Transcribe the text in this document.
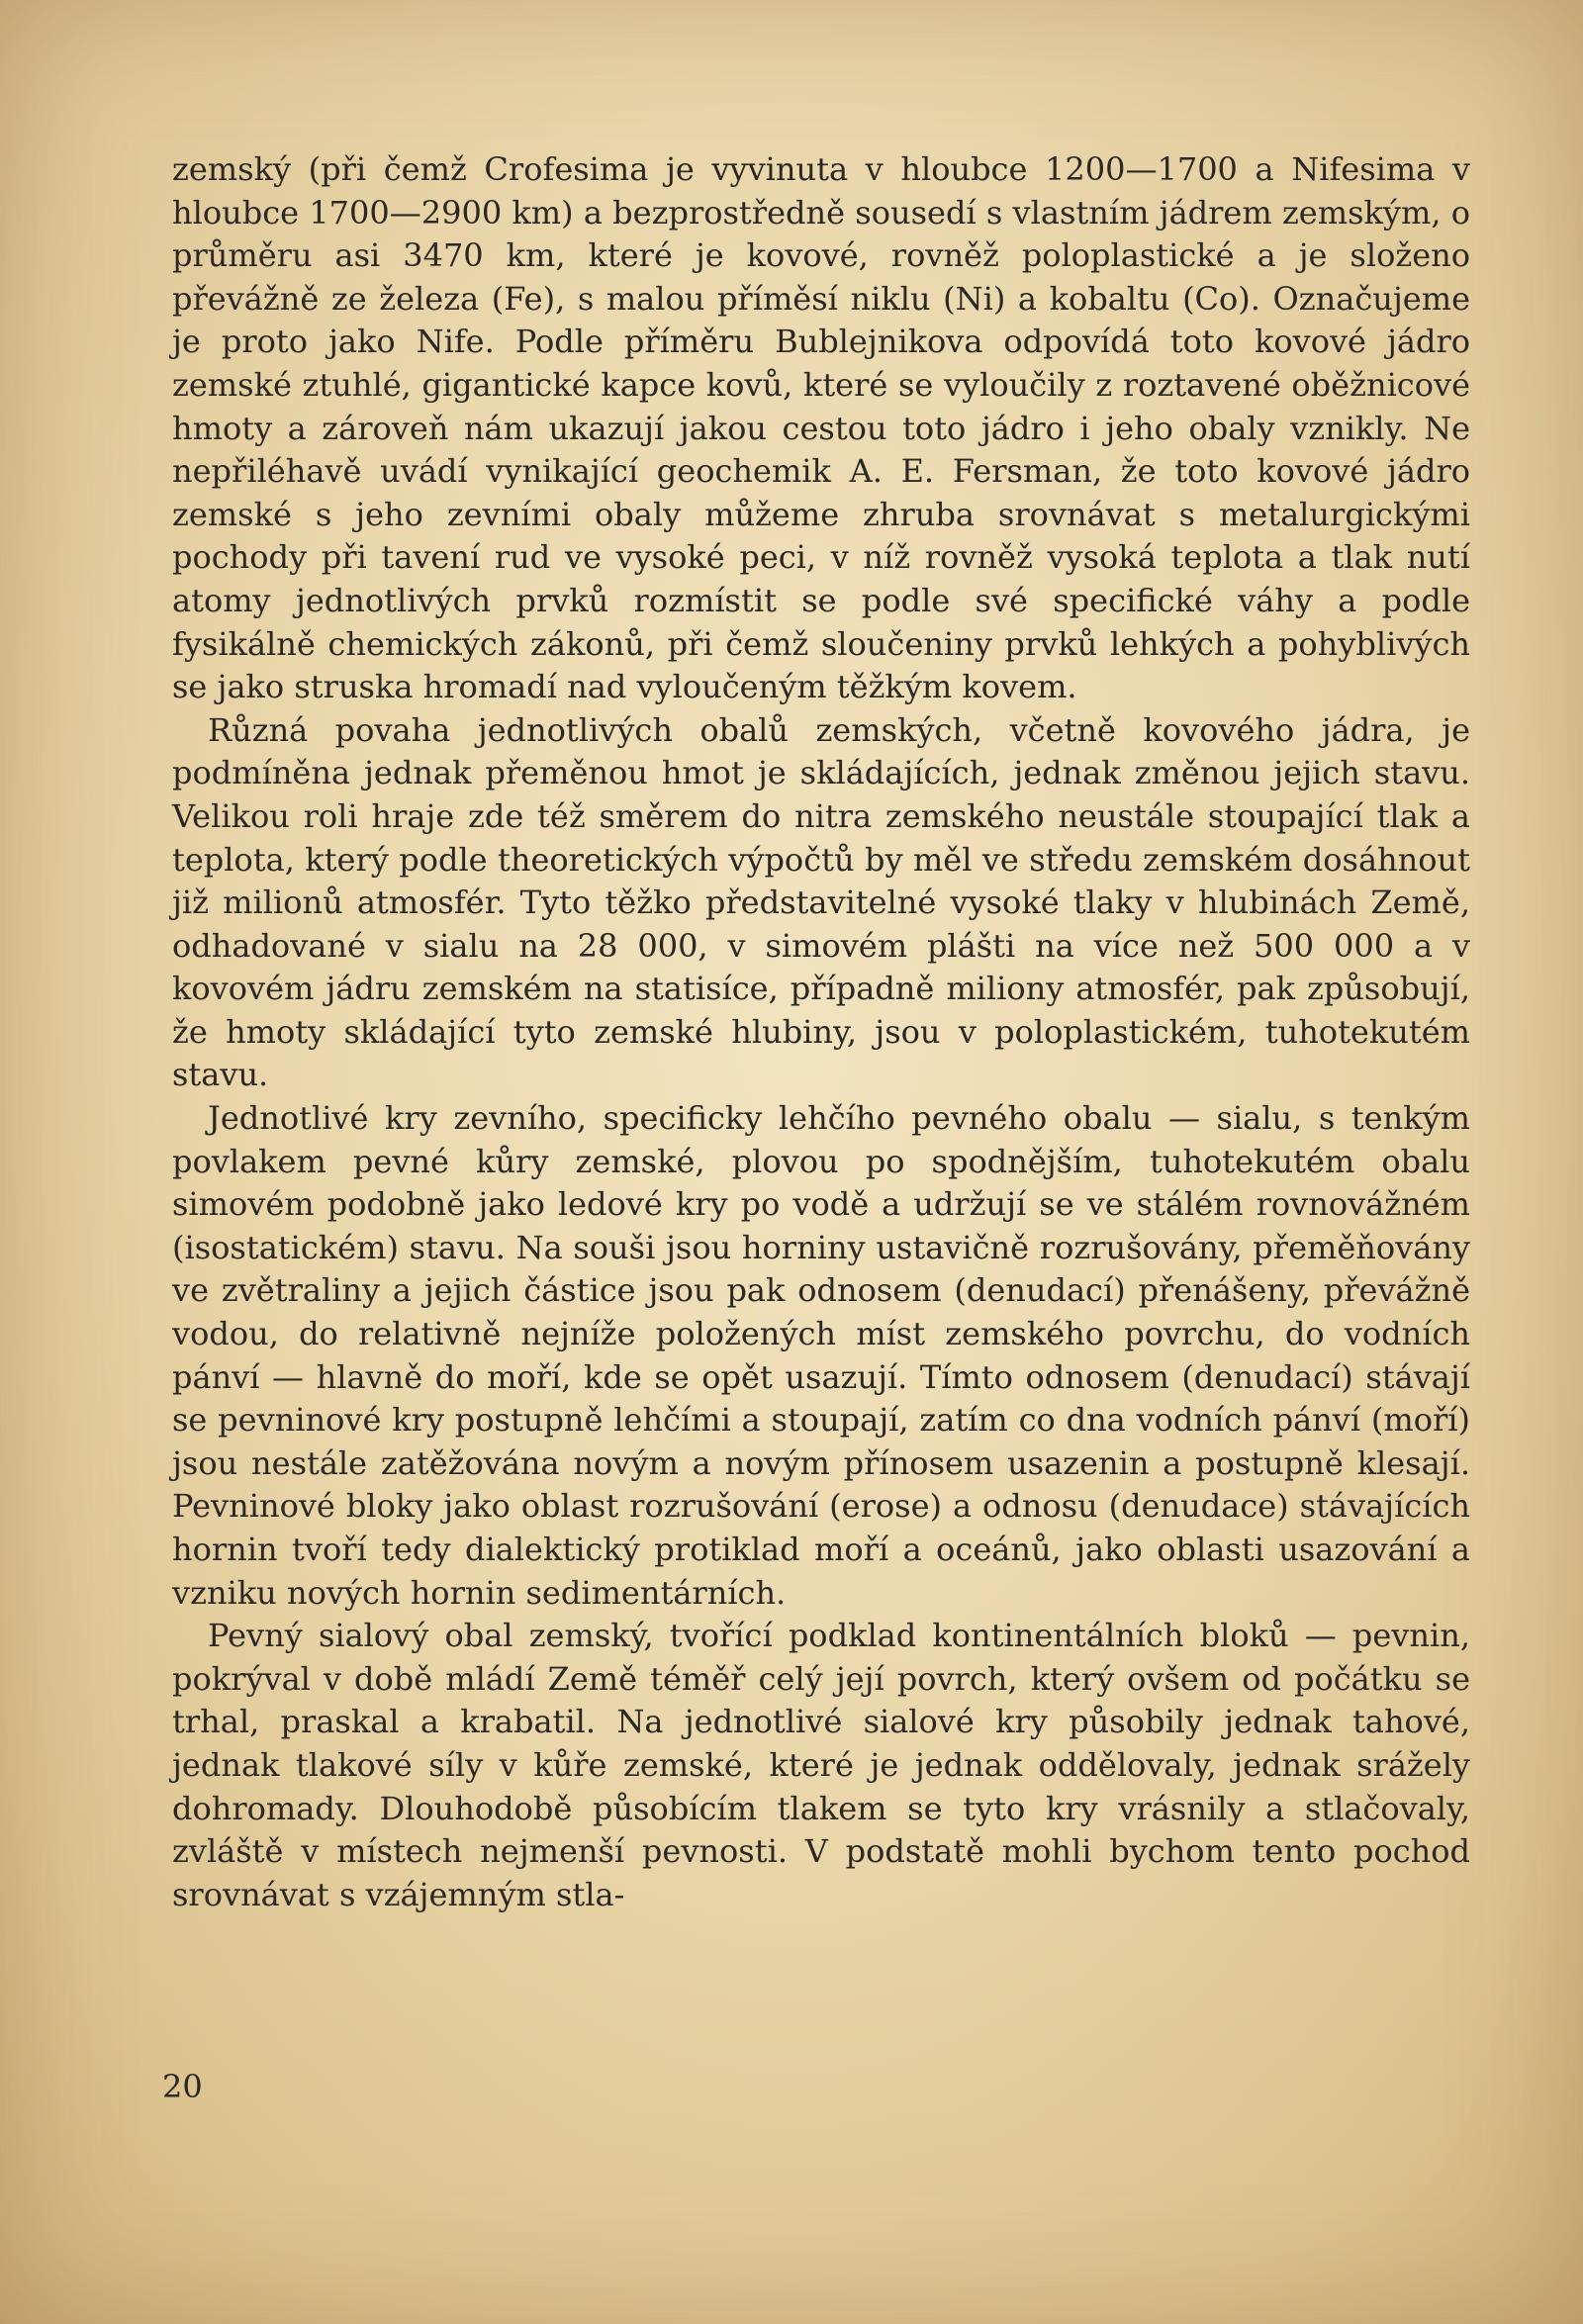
zemský (při čemž Crofesima je vyvinuta v hloubce 1200—1700 a Nifesima v hloubce 1700—2900 km) a bezprostředně sousedí s vlastním jádrem zemským, o průměru asi 3470 km, které je kovové, rovněž poloplastické a je složeno převážně ze železa (Fe), s malou příměsí niklu (Ni) a kobaltu (Co). Označujeme je proto jako Nife. Podle příměru Bublejnikova odpovídá toto kovové jádro zemské ztuhlé, gigantické kapce kovů, které se vyloučily z roztavené oběžnicové hmoty a zároveň nám ukazují jakou cestou toto jádro i jeho obaly vznikly. Ne nepřiléhavě uvádí vynikající geochemik A. E. Fersman, že toto kovové jádro zemské s jeho zevními obaly můžeme zhruba srovnávat s metalurgickými pochody při tavení rud ve vysoké peci, v níž rovněž vysoká teplota a tlak nutí atomy jednotlivých prvků rozmístit se podle své specifické váhy a podle fysikálně chemických zákonů, při čemž sloučeniny prvků lehkých a pohyblivých se jako struska hromadí nad vyloučeným těžkým kovem.

Různá povaha jednotlivých obalů zemských, včetně kovového jádra, je podmíněna jednak přeměnou hmot je skládajících, jednak změnou jejich stavu. Velikou roli hraje zde též směrem do nitra zemského neustále stoupající tlak a teplota, který podle theoretických výpočtů by měl ve středu zemském dosáhnout již milionů atmosfér. Tyto těžko představitelné vysoké tlaky v hlubinách Země, odhadované v sialu na 28 000, v simovém plášti na více než 500 000 a v kovovém jádru zemském na statisíce, případně miliony atmosfér, pak způsobují, že hmoty skládající tyto zemské hlubiny, jsou v poloplastickém, tuhotekutém stavu.

Jednotlivé kry zevního, specificky lehčího pevného obalu — sialu, s tenkým povlakem pevné kůry zemské, plovou po spodnějším, tuhotekutém obalu simovém podobně jako ledové kry po vodě a udržují se ve stálém rovnovážném (isostatickém) stavu. Na souši jsou horniny ustavičně rozrušovány, přeměňovány ve zvětraliny a jejich částice jsou pak odnosem (denudací) přenášeny, převážně vodou, do relativně nejníže položených míst zemského povrchu, do vodních pánví — hlavně do moří, kde se opět usazují. Tímto odnosem (denudací) stávají se pevninové kry postupně lehčími a stoupají, zatím co dna vodních pánví (moří) jsou nestále zatěžována novým a novým přínosem usazenin a postupně klesají. Pevninové bloky jako oblast rozrušování (erose) a odnosu (denudace) stávajících hornin tvoří tedy dialektický protiklad moří a oceánů, jako oblasti usazování a vzniku nových hornin sedimentárních.

Pevný sialový obal zemský, tvořící podklad kontinentálních bloků — pevnin, pokrýval v době mládí Země téměř celý její povrch, který ovšem od počátku se trhal, praskal a krabatil. Na jednotlivé sialové kry působily jednak tahové, jednak tlakové síly v kůře zemské, které je jednak oddělovaly, jednak srážely dohromady. Dlouhodobě působícím tlakem se tyto kry vrásnily a stlačovaly, zvláště v místech nejmenší pevnosti. V podstatě mohli bychom tento pochod srovnávat s vzájemným stla-

20
